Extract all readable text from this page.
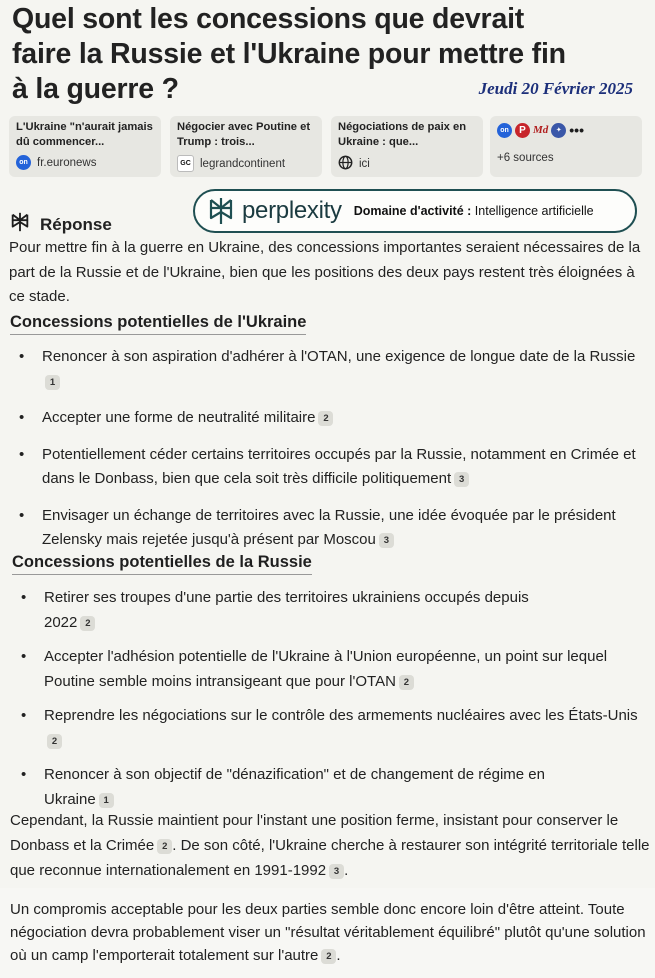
Quel sont les concessions que devrait faire la Russie et l'Ukraine pour mettre fin à la guerre ?	Jeudi 20 Février 2025
L'Ukraine "n'aurait jamais dû commencer...
on fr.euronews
Négocier avec Poutine et Trump : trois...
GC legrandcontinent
Négociations de paix en Ukraine : que...
ici
on	P Md	✦ •••
+6 sources
Réponse	perplexity Domaine d'activité : Intelligence artificielle

Pour mettre fin à la guerre en Ukraine, des concessions importantes seraient nécessaires de la part de la Russie et de l'Ukraine, bien que les positions des deux pays restent très éloignées à ce stade.

Concessions potentielles de l'Ukraine
• Renoncer à son aspiration d'adhérer à l'OTAN, une exigence de longue date de la Russie1
• Accepter une forme de neutralité militaire 2
• Potentiellement céder certains territoires occupés par la Russie, notamment en Crimée et dans le Donbass, bien que cela soit très difficile politiquement 3
• Envisager un échange de territoires avec la Russie, une idée évoquée par le président Zelensky mais rejetée jusqu'à présent par Moscou 3
Concessions potentielles de la Russie
• Retirer ses troupes d'une partie des territoires ukrainiens occupés depuis 2022 2
• Accepter l'adhésion potentielle de l'Ukraine à l'Union européenne, un point sur lequel Poutine semble moins intransigeant que pour l'OTAN 2
• Reprendre les négociations sur le contrôle des armements nucléaires avec les États-Unis2
• Renoncer à son objectif de "dénazification" et de changement de régime en Ukraine 1

Cependant, la Russie maintient pour l'instant une position ferme, insistant pour conserver le Donbass et la Crimée 2 . De son côté, l'Ukraine cherche à restaurer son intégrité territoriale telle que reconnue internationalement en 1991-1992 3 .

Un compromis acceptable pour les deux parties semble donc encore loin d'être atteint. Toute négociation devra probablement viser un "résultat véritablement équilibré" plutôt qu'une solution où un camp l'emporterait totalement sur l'autre 2 .
